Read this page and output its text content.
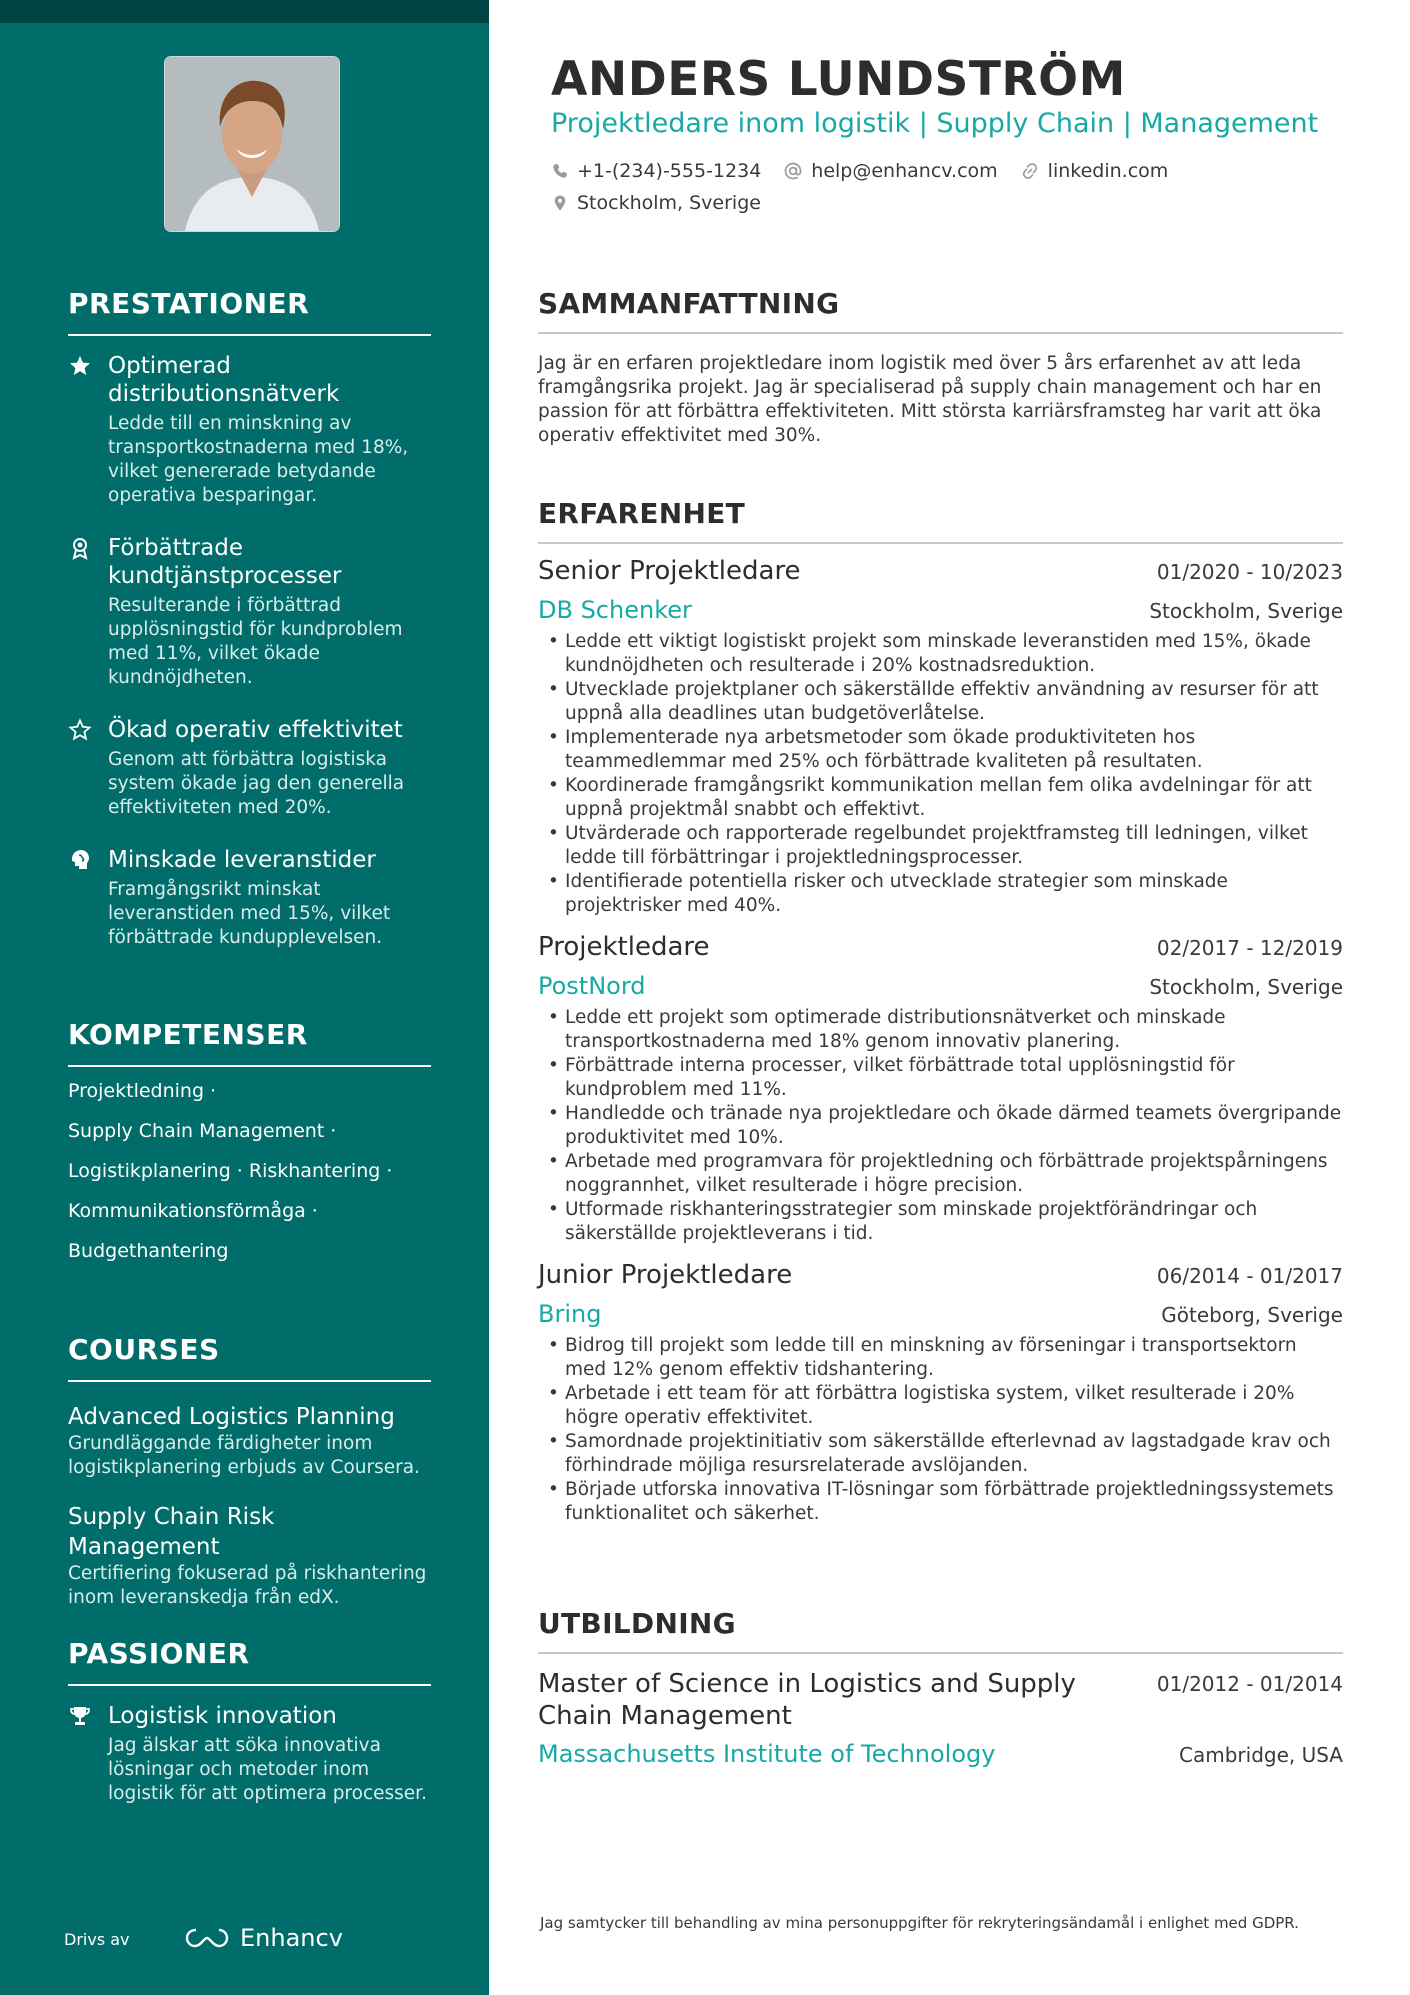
PRESTATIONER
Optimerad distributionsnätverk
Ledde till en minskning av transportkostnaderna med 18%, vilket genererade betydande operativa besparingar.
Förbättrade kundtjänstprocesser
Resulterande i förbättrad upplösningstid för kundproblem med 11%, vilket ökade kundnöjdheten.
Ökad operativ effektivitet
Genom att förbättra logistiska system ökade jag den generella effektiviteten med 20%.
Minskade leveranstider
Framgångsrikt minskat leveranstiden med 15%, vilket förbättrade kundupplevelsen.
KOMPETENSER
Projektledning ·
Supply Chain Management ·
Logistikplanering · Riskhantering ·
Kommunikationsförmåga ·
Budgethantering
COURSES
Advanced Logistics Planning
Grundläggande färdigheter inom logistikplanering erbjuds av Coursera.
Supply Chain Risk Management
Certifiering fokuserad på riskhantering inom leveranskedja från edX.
PASSIONER
Logistisk innovation
Jag älskar att söka innovativa lösningar och metoder inom logistik för att optimera processer.
Drivs av	Enhancv
ANDERS LUNDSTRÖM
Projektledare inom logistik | Supply Chain | Management
+1-(234)-555-1234	help@enhancv.com	linkedin.com
Stockholm, Sverige
SAMMANFATTNING
Jag är en erfaren projektledare inom logistik med över 5 års erfarenhet av att leda framgångsrika projekt. Jag är specialiserad på supply chain management och har en passion för att förbättra effektiviteten. Mitt största karriärsframsteg har varit att öka operativ effektivitet med 30%.
ERFARENHET
Senior Projektledare	01/2020 - 10/2023
DB Schenker	Stockholm, Sverige
• Ledde ett viktigt logistiskt projekt som minskade leveranstiden med 15%, ökade kundnöjdheten och resulterade i 20% kostnadsreduktion.
• Utvecklade projektplaner och säkerställde effektiv användning av resurser för att uppnå alla deadlines utan budgetöverlåtelse.
• Implementerade nya arbetsmetoder som ökade produktiviteten hos teammedlemmar med 25% och förbättrade kvaliteten på resultaten.
• Koordinerade framgångsrikt kommunikation mellan fem olika avdelningar för att uppnå projektmål snabbt och effektivt.
• Utvärderade och rapporterade regelbundet projektframsteg till ledningen, vilket ledde till förbättringar i projektledningsprocesser.
• Identifierade potentiella risker och utvecklade strategier som minskade projektrisker med 40%.
Projektledare	02/2017 - 12/2019
PostNord	Stockholm, Sverige
• Ledde ett projekt som optimerade distributionsnätverket och minskade transportkostnaderna med 18% genom innovativ planering.
• Förbättrade interna processer, vilket förbättrade total upplösningstid för kundproblem med 11%.
• Handledde och tränade nya projektledare och ökade därmed teamets övergripande produktivitet med 10%.
• Arbetade med programvara för projektledning och förbättrade projektspårningens noggrannhet, vilket resulterade i högre precision.
• Utformade riskhanteringsstrategier som minskade projektförändringar och säkerställde projektleverans i tid.
Junior Projektledare	06/2014 - 01/2017
Bring	Göteborg, Sverige
• Bidrog till projekt som ledde till en minskning av förseningar i transportsektorn med 12% genom effektiv tidshantering.
• Arbetade i ett team för att förbättra logistiska system, vilket resulterade i 20% högre operativ effektivitet.
• Samordnade projektinitiativ som säkerställde efterlevnad av lagstadgade krav och förhindrade möjliga resursrelaterade avslöjanden.
• Började utforska innovativa IT-lösningar som förbättrade projektledningssystemets funktionalitet och säkerhet.
UTBILDNING
Master of Science in Logistics and Supply Chain Management
01/2012 - 01/2014
Massachusetts Institute of Technology	Cambridge, USA
Jag samtycker till behandling av mina personuppgifter för rekryteringsändamål i enlighet med GDPR.
